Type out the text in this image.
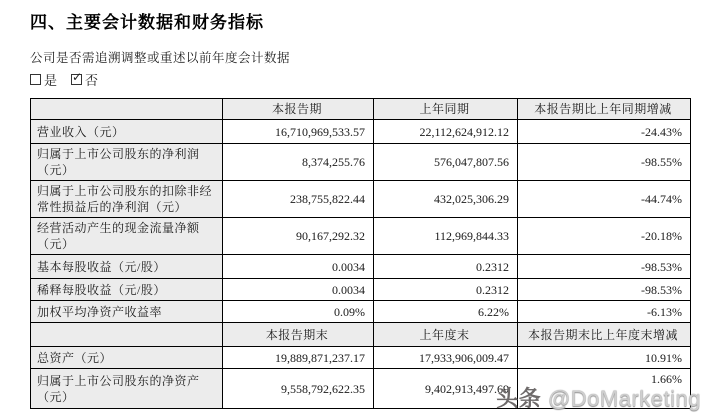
四、主要会计数据和财务指标
公司是否需追溯调整或重述以前年度会计数据
是 ✓ 否
	本报告期	上年同期	本报告期比上年同期增减
营业收入（元）	16,710,969,533.57	22,112,624,912.12	-24.43%
归属于上市公司股东的净利润（元）	8,374,255.76	576,047,807.56	-98.55%
归属于上市公司股东的扣除非经常性损益后的净利润（元）	238,755,822.44	432,025,306.29	-44.74%
经营活动产生的现金流量净额（元）	90,167,292.32	112,969,844.33	-20.18%
基本每股收益（元/股）	0.0034	0.2312	-98.53%
稀释每股收益（元/股）	0.0034	0.2312	-98.53%
加权平均净资产收益率	0.09%	6.22%	-6.13%
	本报告期末	上年度末	本报告期末比上年度末增减
总资产（元）	19,889,871,237.17	17,933,906,009.47	10.91%
归属于上市公司股东的净资产（元）	9,558,792,622.35	9,402,913,497.69	1.66%
头条 @DoMarketing
